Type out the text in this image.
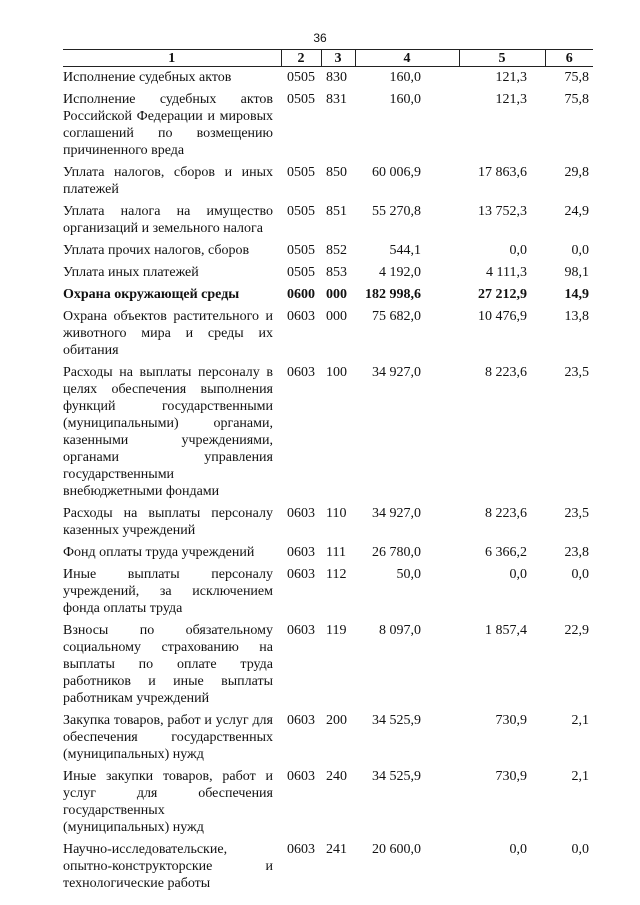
36
1	2	3	4	5	6
Исполнение судебных актов	0505	830	160,0	121,3	75,8
Исполнение судебных актов Российской Федерации и мировых соглашений по возмещению причиненного вреда	0505	831	160,0	121,3	75,8
Уплата налогов, сборов и иных платежей	0505	850	60 006,9	17 863,6	29,8
Уплата налога на имущество организаций и земельного налога	0505	851	55 270,8	13 752,3	24,9
Уплата прочих налогов, сборов	0505	852	544,1	0,0	0,0
Уплата иных платежей	0505	853	4 192,0	4 111,3	98,1
Охрана окружающей среды	0600	000	182 998,6	27 212,9	14,9
Охрана объектов растительного и животного мира и среды их обитания	0603	000	75 682,0	10 476,9	13,8
Расходы на выплаты персоналу в целях обеспечения выполнения функций государственными (муниципальными) органами, казенными учреждениями, органами управления государственными внебюджетными фондами	0603	100	34 927,0	8 223,6	23,5
Расходы на выплаты персоналу казенных учреждений	0603	110	34 927,0	8 223,6	23,5
Фонд оплаты труда учреждений	0603	111	26 780,0	6 366,2	23,8
Иные выплаты персоналу учреждений, за исключением фонда оплаты труда	0603	112	50,0	0,0	0,0
Взносы по обязательному социальному страхованию на выплаты по оплате труда работников и иные выплаты работникам учреждений	0603	119	8 097,0	1 857,4	22,9
Закупка товаров, работ и услуг для обеспечения государственных (муниципальных) нужд	0603	200	34 525,9	730,9	2,1
Иные закупки товаров, работ и услуг для обеспечения государственных (муниципальных) нужд	0603	240	34 525,9	730,9	2,1
Научно-исследовательские, опытно-конструкторские и технологические работы	0603	241	20 600,0	0,0	0,0
